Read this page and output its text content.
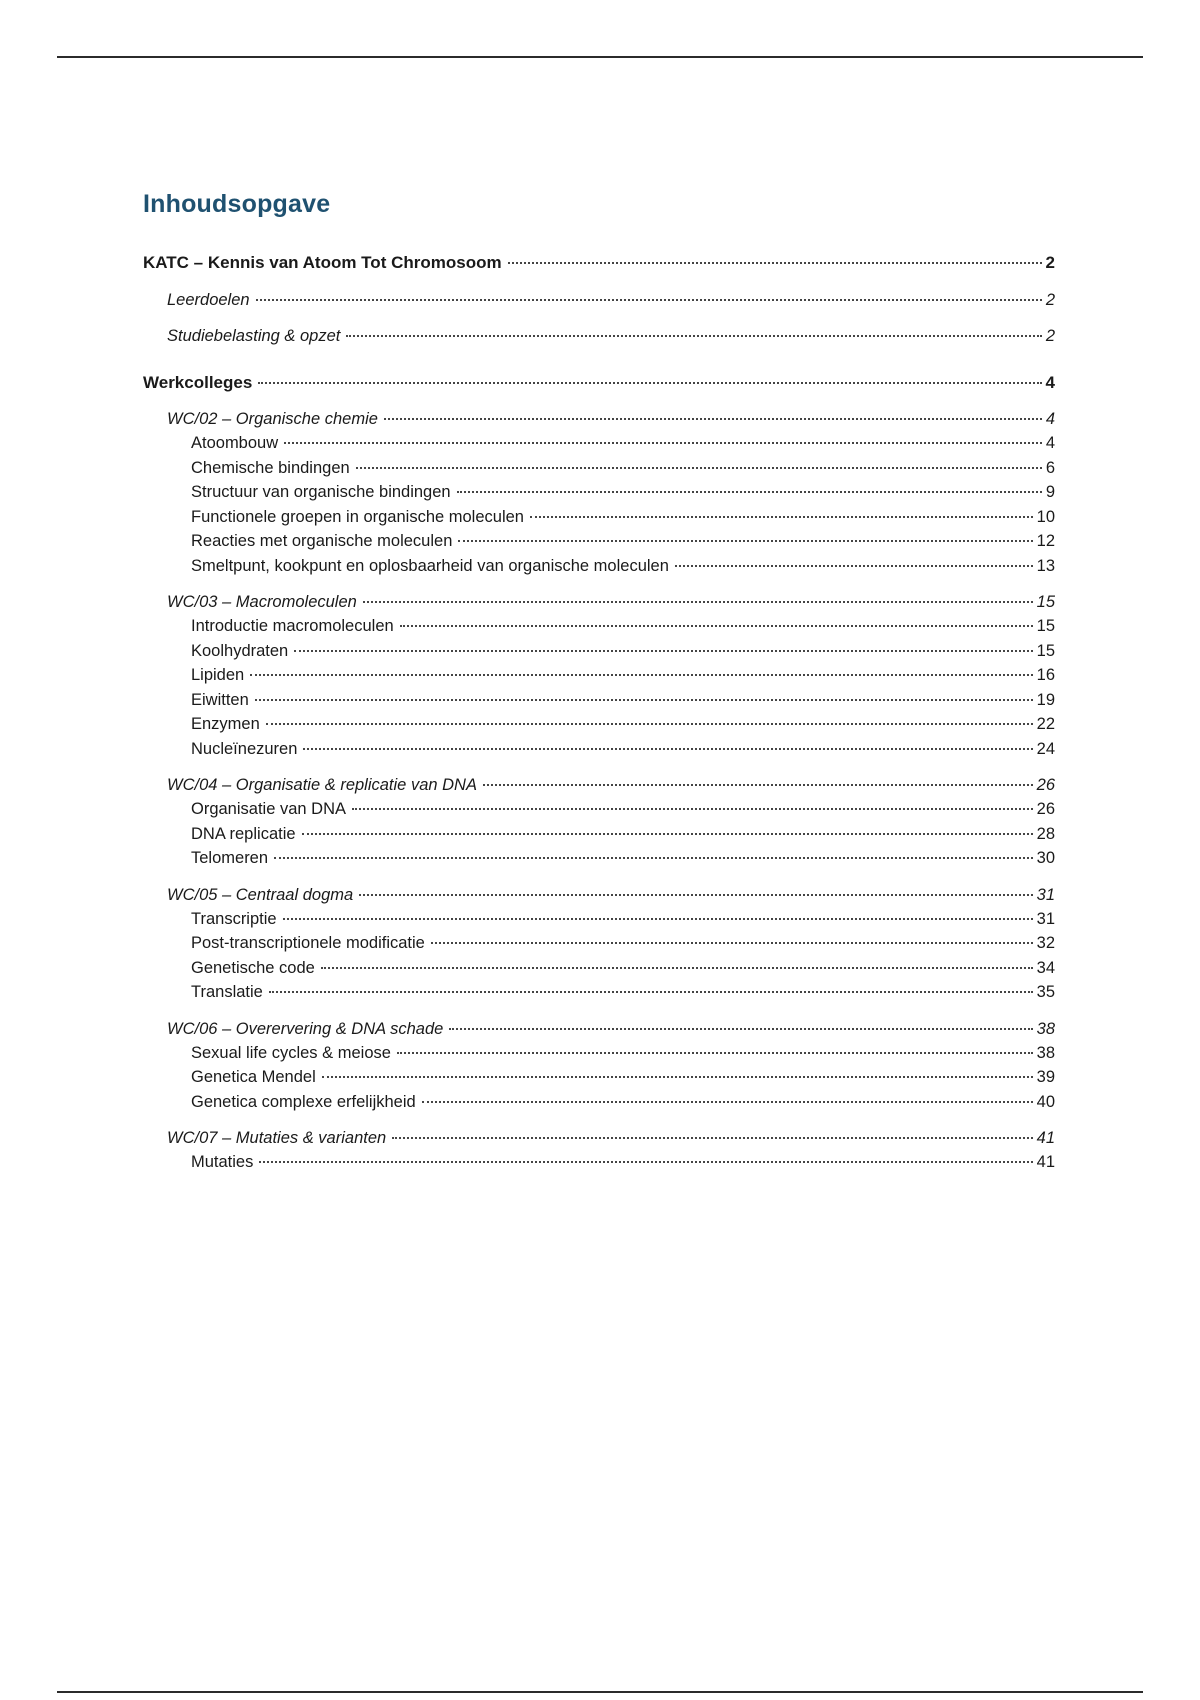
Inhoudsopgave
KATC – Kennis van Atoom Tot Chromosoom	2
Leerdoelen	2
Studiebelasting & opzet	2
Werkcolleges	4
WC/02 – Organische chemie	4
Atoombouw	4
Chemische bindingen	6
Structuur van organische bindingen	9
Functionele groepen in organische moleculen	10
Reacties met organische moleculen	12
Smeltpunt, kookpunt en oplosbaarheid van organische moleculen	13
WC/03 – Macromoleculen	15
Introductie macromoleculen	15
Koolhydraten	15
Lipiden	16
Eiwitten	19
Enzymen	22
Nucleïnezuren	24
WC/04 – Organisatie & replicatie van DNA	26
Organisatie van DNA	26
DNA replicatie	28
Telomeren	30
WC/05 – Centraal dogma	31
Transcriptie	31
Post-transcriptionele modificatie	32
Genetische code	34
Translatie	35
WC/06 – Overervering & DNA schade	38
Sexual life cycles & meiose	38
Genetica Mendel	39
Genetica complexe erfelijkheid	40
WC/07 – Mutaties & varianten	41
Mutaties	41
